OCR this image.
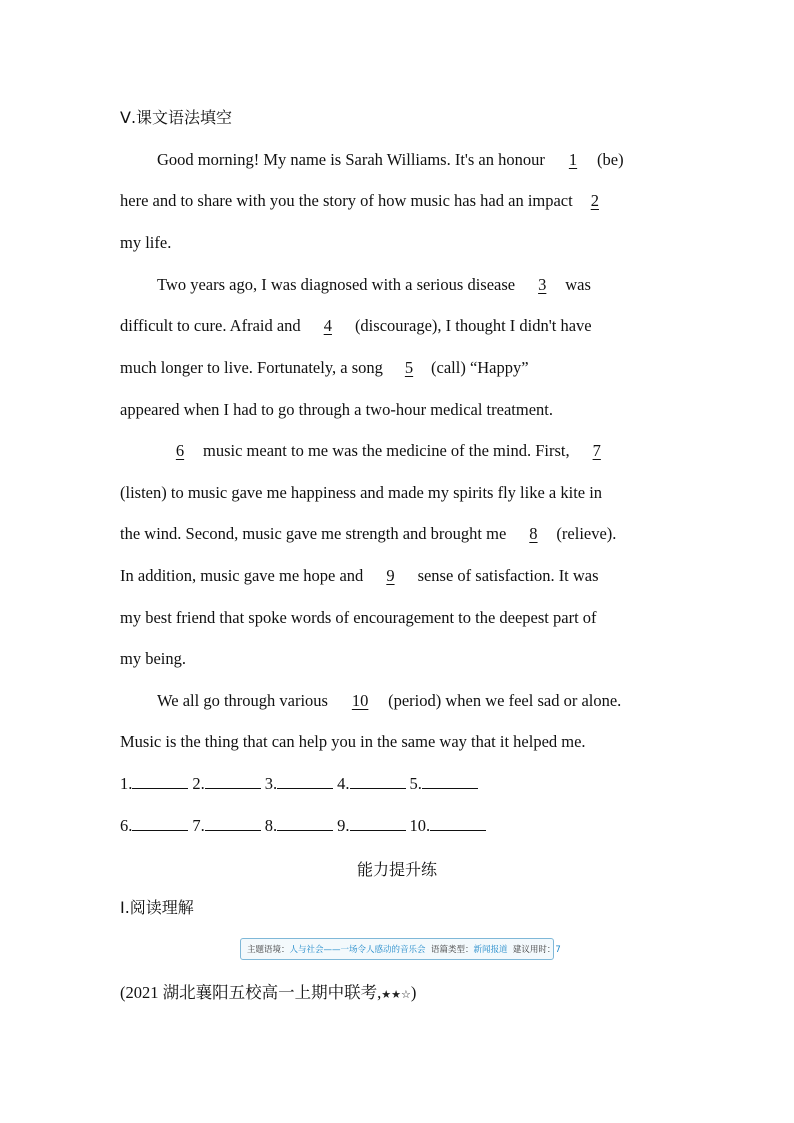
Ⅴ.课文语法填空
Good morning! My name is Sarah Williams. It's an honour 1 (be)
here and to share with you the story of how music has had an impact 2
my life.
Two years ago, I was diagnosed with a serious disease 3 was
difficult to cure. Afraid and 4 (discourage), I thought I didn't have
much longer to live. Fortunately, a song 5 (call) “Happy”
appeared when I had to go through a two-hour medical treatment.
6 music meant to me was the medicine of the mind. First, 7
(listen) to music gave me happiness and made my spirits fly like a kite in
the wind. Second, music gave me strength and brought me 8 (relieve).
In addition, music gave me hope and 9 sense of satisfaction. It was
my best friend that spoke words of encouragement to the deepest part of
my being.
We all go through various 10 (period) when we feel sad or alone.
Music is the thing that can help you in the same way that it helped me.
1.	2.	3.	4.	5.
6.	7.	8.	9.	10.
能力提升练
Ⅰ.阅读理解
主题语境：人与社会——一场令人感动的音乐会 语篇类型：新闻报道 建议用时：7
(2021 湖北襄阳五校高一上期中联考,★★☆)
